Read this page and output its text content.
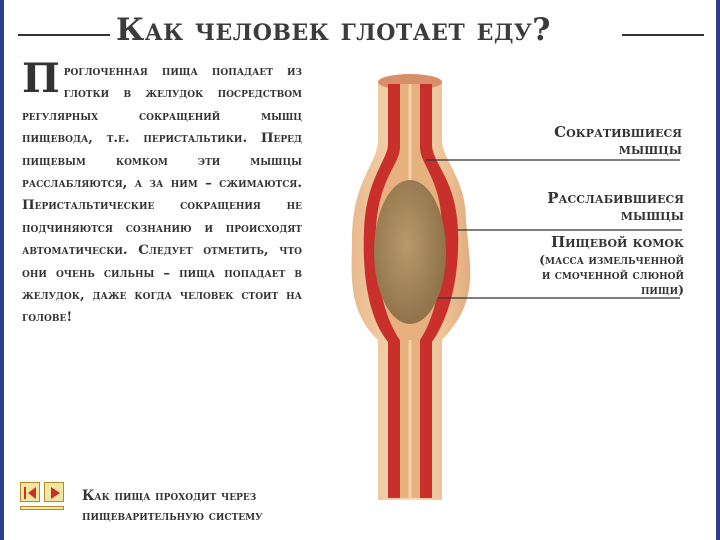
Как человек глотает еду?
Проглоченная пища попадает из глотки в желудок посредством регулярных сокращений мышц пищевода, т.е. перистальтики. Перед пищевым комком эти мышцы расслабляются, а за ним – сжимаются. Перистальтические сокращения не подчиняются сознанию и происходят автоматически. Следует отметить, что они очень сильны – пища попадает в желудок, даже когда человек стоит на голове!
Сократившиеся
мышцы
Расслабившиеся
мышцы
Пищевой комок
(масса измельченной
и смоченной слюной
пищи)
Как пища проходит через
пищеварительную систему
